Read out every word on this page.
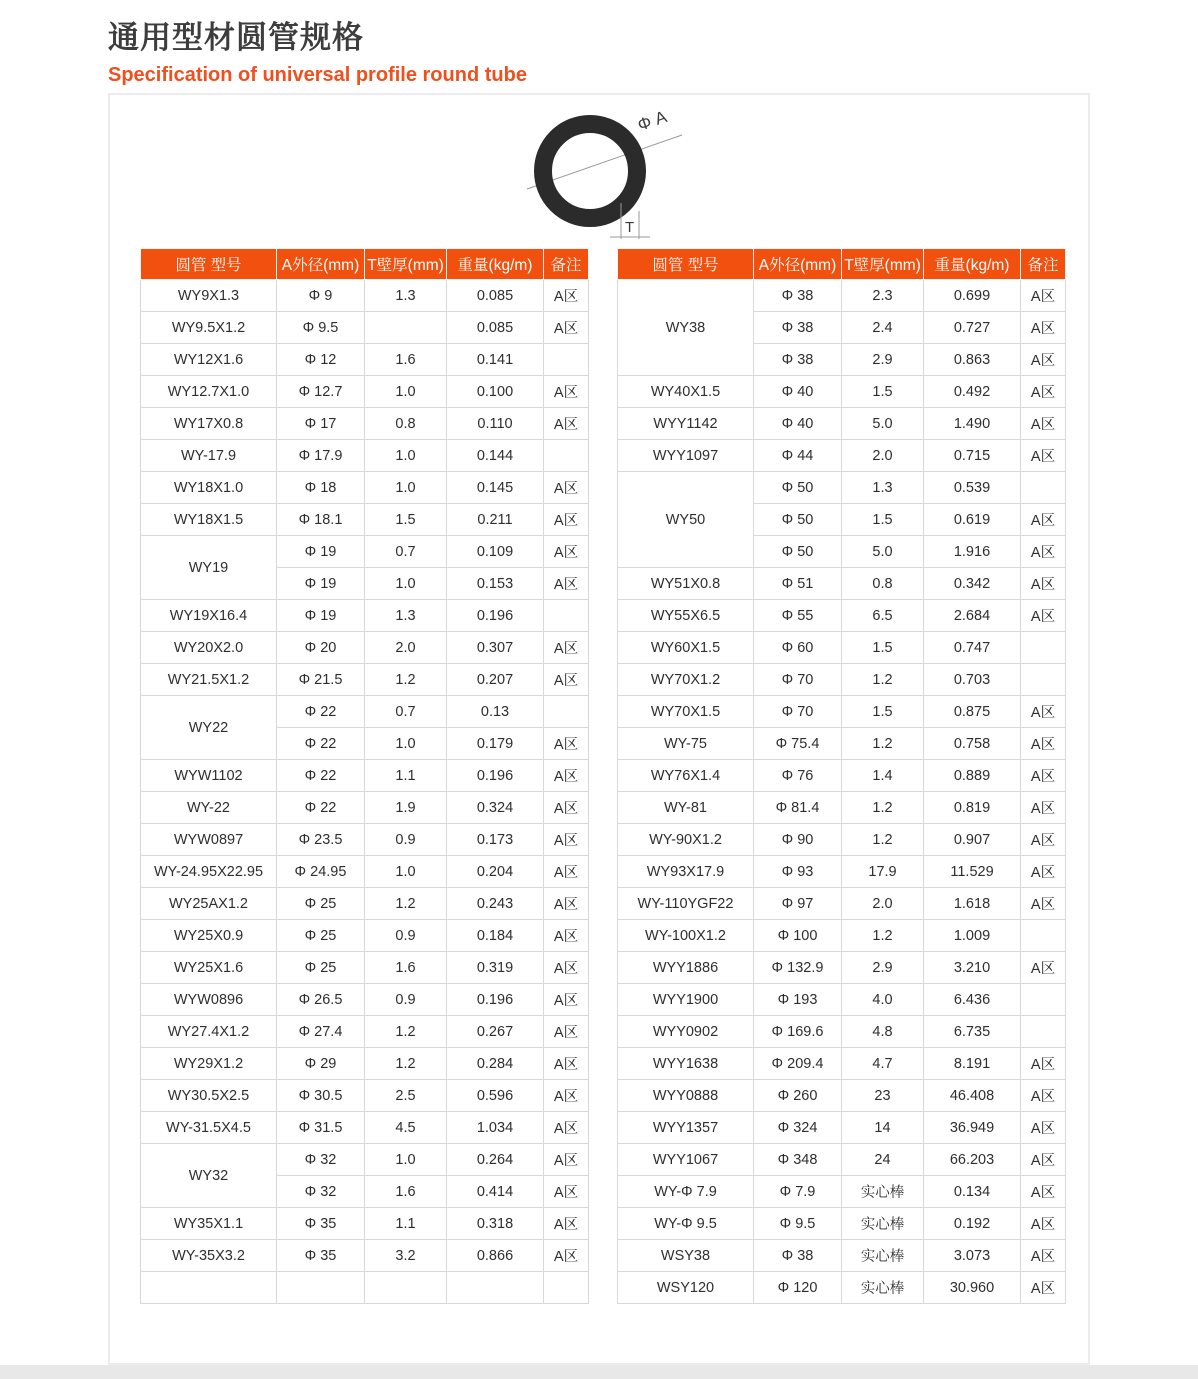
通用型材圆管规格
Specification of universal profile round tube
Φ A
T
圆管 型号	A外径(mm)	T壁厚(mm)	重量(kg/m)	备注
WY9X1.3	Φ 9	1.3	0.085	A区
WY9.5X1.2	Φ 9.5		0.085	A区
WY12X1.6	Φ 12	1.6	0.141	
WY12.7X1.0	Φ 12.7	1.0	0.100	A区
WY17X0.8	Φ 17	0.8	0.110	A区
WY-17.9	Φ 17.9	1.0	0.144	
WY18X1.0	Φ 18	1.0	0.145	A区
WY18X1.5	Φ 18.1	1.5	0.211	A区
WY19	Φ 19	0.7	0.109	A区
	Φ 19	1.0	0.153	A区
WY19X16.4	Φ 19	1.3	0.196	
WY20X2.0	Φ 20	2.0	0.307	A区
WY21.5X1.2	Φ 21.5	1.2	0.207	A区
WY22	Φ 22	0.7	0.13	
	Φ 22	1.0	0.179	A区
WYW1102	Φ 22	1.1	0.196	A区
WY-22	Φ 22	1.9	0.324	A区
WYW0897	Φ 23.5	0.9	0.173	A区
WY-24.95X22.95	Φ 24.95	1.0	0.204	A区
WY25AX1.2	Φ 25	1.2	0.243	A区
WY25X0.9	Φ 25	0.9	0.184	A区
WY25X1.6	Φ 25	1.6	0.319	A区
WYW0896	Φ 26.5	0.9	0.196	A区
WY27.4X1.2	Φ 27.4	1.2	0.267	A区
WY29X1.2	Φ 29	1.2	0.284	A区
WY30.5X2.5	Φ 30.5	2.5	0.596	A区
WY-31.5X4.5	Φ 31.5	4.5	1.034	A区
WY32	Φ 32	1.0	0.264	A区
	Φ 32	1.6	0.414	A区
WY35X1.1	Φ 35	1.1	0.318	A区
WY-35X3.2	Φ 35	3.2	0.866	A区

圆管 型号	A外径(mm)	T壁厚(mm)	重量(kg/m)	备注
WY38	Φ 38	2.3	0.699	A区
	Φ 38	2.4	0.727	A区
	Φ 38	2.9	0.863	A区
WY40X1.5	Φ 40	1.5	0.492	A区
WYY1142	Φ 40	5.0	1.490	A区
WYY1097	Φ 44	2.0	0.715	A区
WY50	Φ 50	1.3	0.539	
	Φ 50	1.5	0.619	A区
	Φ 50	5.0	1.916	A区
WY51X0.8	Φ 51	0.8	0.342	A区
WY55X6.5	Φ 55	6.5	2.684	A区
WY60X1.5	Φ 60	1.5	0.747	
WY70X1.2	Φ 70	1.2	0.703	
WY70X1.5	Φ 70	1.5	0.875	A区
WY-75	Φ 75.4	1.2	0.758	A区
WY76X1.4	Φ 76	1.4	0.889	A区
WY-81	Φ 81.4	1.2	0.819	A区
WY-90X1.2	Φ 90	1.2	0.907	A区
WY93X17.9	Φ 93	17.9	11.529	A区
WY-110YGF22	Φ 97	2.0	1.618	A区
WY-100X1.2	Φ 100	1.2	1.009	
WYY1886	Φ 132.9	2.9	3.210	A区
WYY1900	Φ 193	4.0	6.436	
WYY0902	Φ 169.6	4.8	6.735	
WYY1638	Φ 209.4	4.7	8.191	A区
WYY0888	Φ 260	23	46.408	A区
WYY1357	Φ 324	14	36.949	A区
WYY1067	Φ 348	24	66.203	A区
WY-Φ 7.9	Φ 7.9	实心棒	0.134	A区
WY-Φ 9.5	Φ 9.5	实心棒	0.192	A区
WSY38	Φ 38	实心棒	3.073	A区
WSY120	Φ 120	实心棒	30.960	A区
